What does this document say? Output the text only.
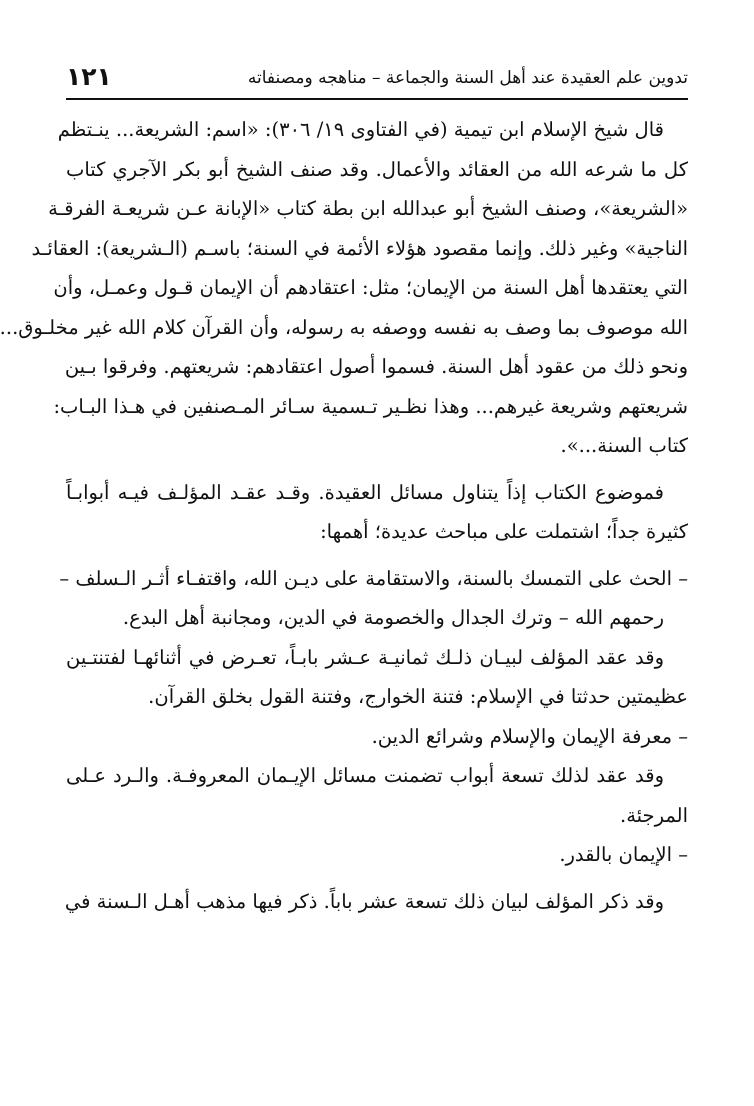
تدوين علم العقيدة عند أهل السنة والجماعة – مناهجه ومصنفاته
١٢١
قال شيخ الإسلام ابن تيمية (في الفتاوى ١٩/ ٣٠٦): «اسم: الشريعة... ينـتظم
كل ما شرعه الله من العقائد والأعمال. وقد صنف الشيخ أبو بكر الآجري كتاب
«الشريعة»، وصنف الشيخ أبو عبدالله ابن بطة كتاب «الإبانة عـن شريعـة الفرقـة
الناجية» وغير ذلك. وإنما مقصود هؤلاء الأئمة في السنة؛ باسـم (الـشريعة): العقائـد
التي يعتقدها أهل السنة من الإيمان؛ مثل: اعتقادهم أن الإيمان قـول وعمـل، وأن
الله موصوف بما وصف به نفسه ووصفه به رسوله، وأن القرآن كلام الله غير مخلـوق...
ونحو ذلك من عقود أهل السنة. فسموا أصول اعتقادهم: شريعتهم. وفرقوا بـين
شريعتهم وشريعة غيرهم... وهذا نظـير تـسمية سـائر المـصنفين في هـذا البـاب:
كتاب السنة...».
فموضوع الكتاب إذاً يتناول مسائل العقيدة. وقـد عقـد المؤلـف فيـه أبوابـاً
كثيرة جداً؛ اشتملت على مباحث عديدة؛ أهمها:
– الحث على التمسك بالسنة، والاستقامة على ديـن الله، واقتفـاء أثـر الـسلف –
رحمهم الله – وترك الجدال والخصومة في الدين، ومجانبة أهل البدع.
وقد عقد المؤلف لبيـان ذلـك ثمانيـة عـشر بابـاً، تعـرض في أثنائهـا لفتنتـين
عظيمتين حدثتا في الإسلام: فتنة الخوارج، وفتنة القول بخلق القرآن.
– معرفة الإيمان والإسلام وشرائع الدين.
وقد عقد لذلك تسعة أبواب تضمنت مسائل الإيـمان المعروفـة. والـرد عـلى
المرجئة.
– الإيمان بالقدر.
وقد ذكر المؤلف لبيان ذلك تسعة عشر باباً. ذكر فيها مذهب أهـل الـسنة في
